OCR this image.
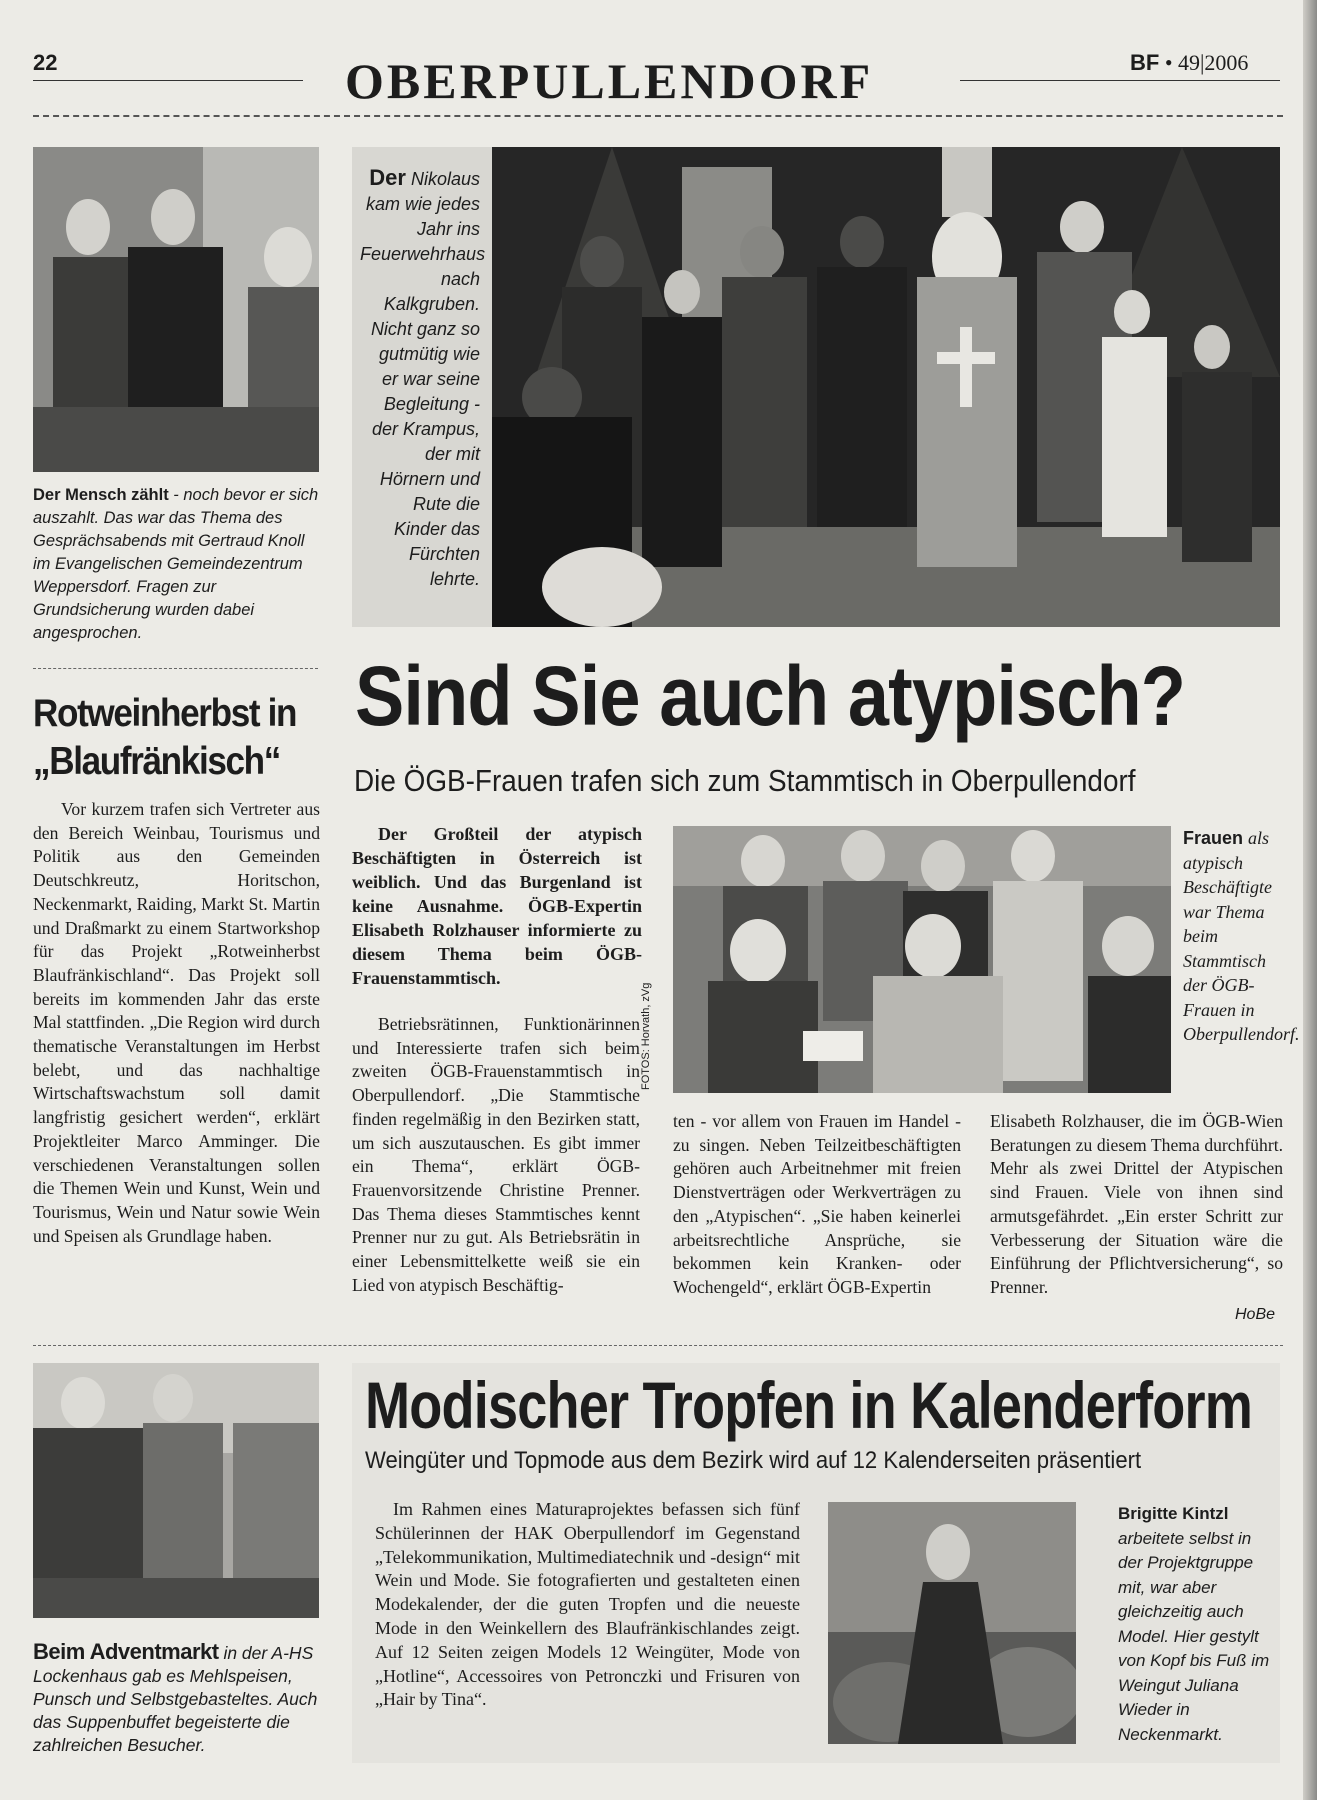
22	OBERPULLENDORF	BF • 49|2006
Der Mensch zählt - noch bevor er sich auszahlt. Das war das Thema des Gesprächsabends mit Gertraud Knoll im Evangelischen Gemeindezentrum Weppersdorf. Fragen zur Grundsicherung wurden dabei angesprochen.
Der Nikolaus kam wie jedes Jahr ins Feuerwehrhaus nach Kalkgruben. Nicht ganz so gutmütig wie er war seine Begleitung - der Krampus, der mit Hörnern und Rute die Kinder das Fürchten lehrte.
Rotweinherbst in „Blaufränkisch“

Vor kurzem trafen sich Vertreter aus den Bereich Weinbau, Tourismus und Politik aus den Gemeinden Deutschkreutz, Horitschon, Neckenmarkt, Raiding, Markt St. Martin und Draßmarkt zu einem Startworkshop für das Projekt „Rotweinherbst Blaufränkischland“. Das Projekt soll bereits im kommenden Jahr das erste Mal stattfinden. „Die Region wird durch thematische Veranstaltungen im Herbst belebt, und das nachhaltige Wirtschaftswachstum soll damit langfristig gesichert werden“, erklärt Projektleiter Marco Amminger. Die verschiedenen Veranstaltungen sollen die Themen Wein und Kunst, Wein und Tourismus, Wein und Natur sowie Wein und Speisen als Grundlage haben.

Sind Sie auch atypisch?
Die ÖGB-Frauen trafen sich zum Stammtisch in Oberpullendorf

Der Großteil der atypisch Beschäftigten in Österreich ist weiblich. Und das Burgenland ist keine Ausnahme. ÖGB-Expertin Elisabeth Rolzhauser informierte zu diesem Thema beim ÖGB-Frauenstammtisch.

FOTOS: Horvath, zVg
Frauen als atypisch Beschäftigte war Thema beim Stammtisch der ÖGB-Frauen in Oberpullendorf.

Betriebsrätinnen, Funktionärinnen und Interessierte trafen sich beim zweiten ÖGB-Frauenstammtisch in Oberpullendorf. „Die Stammtische finden regelmäßig in den Bezirken statt, um sich auszutauschen. Es gibt immer ein Thema“, erklärt ÖGB-Frauenvorsitzende Christine Prenner. Das Thema dieses Stammtisches kennt Prenner nur zu gut. Als Betriebsrätin in einer Lebensmittelkette weiß sie ein Lied von atypisch Beschäftig-

ten - vor allem von Frauen im Handel - zu singen. Neben Teilzeitbeschäftigten gehören auch Arbeitnehmer mit freien Dienstverträgen oder Werkverträgen zu den „Atypischen“. „Sie haben keinerlei arbeitsrechtliche Ansprüche, sie bekommen kein Kranken- oder Wochengeld“, erklärt ÖGB-Expertin

Elisabeth Rolzhauser, die im ÖGB-Wien Beratungen zu diesem Thema durchführt. Mehr als zwei Drittel der Atypischen sind Frauen. Viele von ihnen sind armutsgefährdet. „Ein erster Schritt zur Verbesserung der Situation wäre die Einführung der Pflichtversicherung“, so Prenner.

HoBe
Beim Adventmarkt in der A-HS Lockenhaus gab es Mehlspeisen, Punsch und Selbstgebasteltes. Auch das Suppenbuffet begeisterte die zahlreichen Besucher.
Modischer Tropfen in Kalenderform
Weingüter und Topmode aus dem Bezirk wird auf 12 Kalenderseiten präsentiert

Im Rahmen eines Maturaprojektes befassen sich fünf Schülerinnen der HAK Oberpullendorf im Gegenstand „Telekommunikation, Multimediatechnik und -design“ mit Wein und Mode. Sie fotografierten und gestalteten einen Modekalender, der die guten Tropfen und die neueste Mode in den Weinkellern des Blaufränkischlandes zeigt. Auf 12 Seiten zeigen Models 12 Weingüter, Mode von „Hotline“, Accessoires von Petronczki und Frisuren von „Hair by Tina“.

Brigitte Kintzl arbeitete selbst in der Projektgruppe mit, war aber gleichzeitig auch Model. Hier gestylt von Kopf bis Fuß im Weingut Juliana Wieder in Neckenmarkt.
